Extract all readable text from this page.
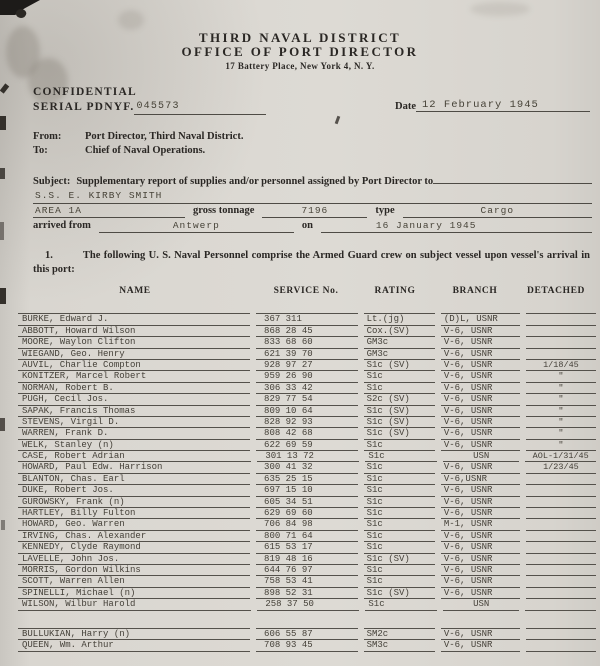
THIRD NAVAL DISTRICT
OFFICE OF PORT DIRECTOR
17 Battery Place, New York 4, N. Y.
CONFIDENTIAL
SERIAL PDNYF. 045573	Date 12 February 1945
From: Port Director, Third Naval District.
To:	Chief of Naval Operations.
Subject: Supplementary report of supplies and/or personnel assigned by Port Director to
S.S. E. KIRBY SMITH
AREA 1A	gross tonnage	7196	type	Cargo
arrived from	Antwerp	on	16 January 1945
1.	The following U. S. Naval Personnel comprise the Armed Guard crew on subject vessel upon vessel's arrival in this port:
NAME	SERVICE No.	RATING	BRANCH	DETACHED
BURKE, Edward J.	367 311	Lt.(jg)	(D)L, USNR
ABBOTT, Howard Wilson	868 28 45	Cox.(SV)	V-6, USNR
MOORE, Waylon Clifton	833 68 60	GM3c	V-6, USNR
WIEGAND, Geo. Henry	621 39 70	GM3c	V-6, USNR
AUVIL, Charlie Compton	928 97 27	S1c (SV)	V-6, USNR	1/18/45
KONITZER, Marcel Robert	959 26 90	S1c	V-6, USNR	"
NORMAN, Robert B.	306 33 42	S1c	V-6, USNR	"
PUGH, Cecil Jos.	829 77 54	S2c (SV)	V-6, USNR	"
SAPAK, Francis Thomas	809 10 64	S1c (SV)	V-6, USNR	"
STEVENS, Virgil D.	828 92 93	S1c (SV)	V-6, USNR	"
WARREN, Frank D.	808 42 68	S1c (SV)	V-6, USNR	"
WELK, Stanley (n)	622 69 59	S1c	V-6, USNR	"
CASE, Robert Adrian	301 13 72	S1c	USN	AOL-1/31/45
HOWARD, Paul Edw. Harrison	300 41 32	S1c	V-6, USNR	1/23/45
BLANTON, Chas. Earl	635 25 15	S1c	V-6,USNR
DUKE, Robert Jos.	697 15 10	S1c	V-6, USNR
GUROWSKY, Frank (n)	605 34 51	S1c	V-6, USNR
HARTLEY, Billy Fulton	629 69 60	S1c	V-6, USNR
HOWARD, Geo. Warren	706 84 98	S1c	M-1, USNR
IRVING, Chas. Alexander	800 71 64	S1c	V-6, USNR
KENNEDY, Clyde Raymond	615 53 17	S1c	V-6, USNR
LAVELLE, John Jos.	819 48 16	S1c (SV)	V-6, USNR
MORRIS, Gordon Wilkins	644 76 97	S1c	V-6, USNR
SCOTT, Warren Allen	758 53 41	S1c	V-6, USNR
SPINELLI, Michael (n)	898 52 31	S1c (SV)	V-6, USNR
WILSON, Wilbur Harold	258 37 50	S1c	USN
BULLUKIAN, Harry (n)	606 55 87	SM2c	V-6, USNR
QUEEN, Wm. Arthur	708 93 45	SM3c	V-6, USNR
